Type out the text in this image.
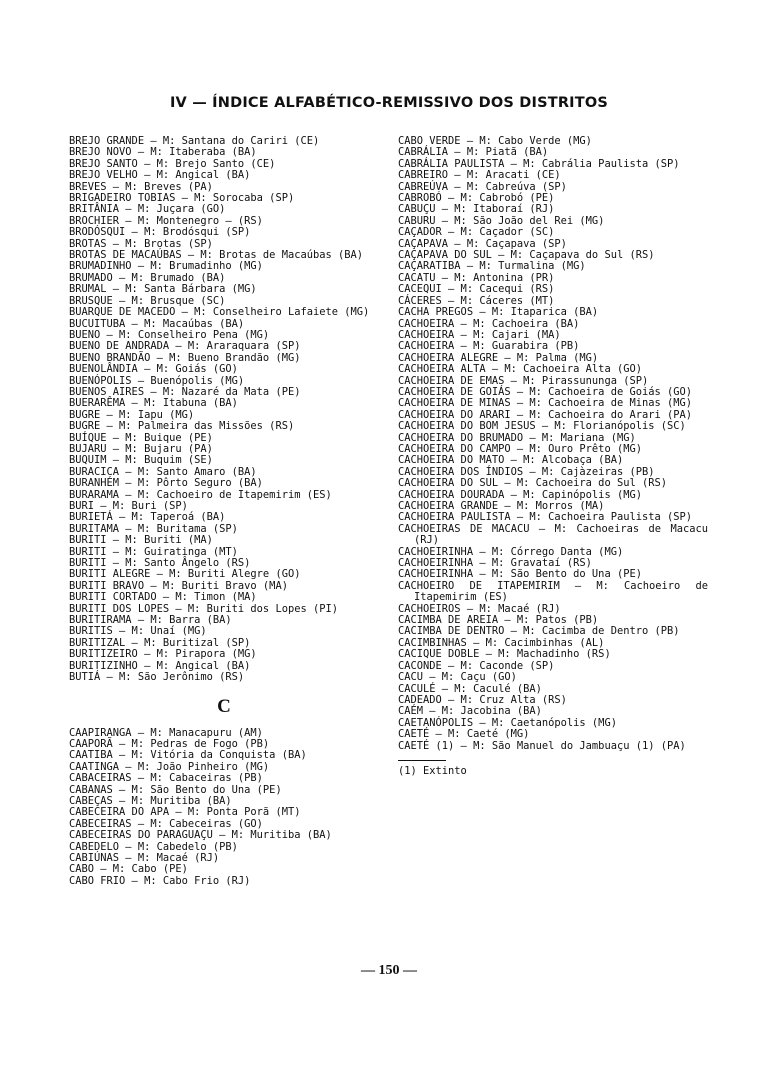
IV — ÍNDICE ALFABÉTICO-REMISSIVO DOS DISTRITOS
BREJO GRANDE — M: Santana do Cariri (CE)
BREJO NOVO — M: Itaberaba (BA)
BREJO SANTO — M: Brejo Santo (CE)
BREJO VELHO — M: Angical (BA)
BREVES — M: Breves (PA)
BRIGADEIRO TOBIAS — M: Sorocaba (SP)
BRITÂNIA — M: Juçara (GO)
BROCHIER — M: Montenegro — (RS)
BRODÓSQUI — M: Brodósqui (SP)
BROTAS — M: Brotas (SP)
BROTAS DE MACAÚBAS — M: Brotas de Macaúbas (BA)
BRUMADINHO — M: Brumadinho (MG)
BRUMADO — M: Brumado (BA)
BRUMAL — M: Santa Bárbara (MG)
BRUSQUE — M: Brusque (SC)
BUARQUE DE MACEDO — M: Conselheiro Lafaiete (MG)
BUCUITUBA — M: Macaúbas (BA)
BUENO — M: Conselheiro Pena (MG)
BUENO DE ANDRADA — M: Araraquara (SP)
BUENO BRANDÃO — M: Bueno Brandão (MG)
BUENOLÂNDIA — M: Goiás (GO)
BUENÓPOLIS — Buenópolis (MG)
BUENOS AIRES — M: Nazaré da Mata (PE)
BUERARÊMA — M: Itabuna (BA)
BUGRE — M: Iapu (MG)
BUGRE — M: Palmeira das Missões (RS)
BUÍQUE — M: Buique (PE)
BUJARU — M: Bujaru (PA)
BUQUIM — M: Buquim (SE)
BURACICA — M: Santo Amaro (BA)
BURANHÉM — M: Pôrto Seguro (BA)
BURARAMA — M: Cachoeiro de Itapemirim (ES)
BURI — M: Buri (SP)
BURIETÁ — M: Taperoá (BA)
BURITAMA — M: Buritama (SP)
BURITI — M: Buriti (MA)
BURITI — M: Guiratinga (MT)
BURITI — M: Santo Ângelo (RS)
BURITI ALEGRE — M: Buriti Alegre (GO)
BURITI BRAVO — M: Buriti Bravo (MA)
BURITI CORTADO — M: Timon (MA)
BURITI DOS LOPES — M: Buriti dos Lopes (PI)
BURITIRAMA — M: Barra (BA)
BURITIS — M: Unaí (MG)
BURITIZAL — M: Buritizal (SP)
BURITIZEIRO — M: Pirapora (MG)
BURITIZINHO — M: Angical (BA)
BUTIÁ — M: São Jerônimo (RS)
C
CAAPIRANGA — M: Manacapuru (AM)
CAAPORÃ — M: Pedras de Fogo (PB)
CAATIBA — M: Vitória da Conquista (BA)
CAATINGA — M: João Pinheiro (MG)
CABACEIRAS — M: Cabaceiras (PB)
CABANAS — M: São Bento do Una (PE)
CABEÇAS — M: Muritiba (BA)
CABECEIRA DO APA — M: Ponta Porã (MT)
CABECEIRAS — M: Cabeceiras (GO)
CABECEIRAS DO PARAGUAÇU — M: Muritiba (BA)
CABEDELO — M: Cabedelo (PB)
CABIÚNAS — M: Macaé (RJ)
CABO — M: Cabo (PE)
CABO FRIO — M: Cabo Frio (RJ)
CABO VERDE — M: Cabo Verde (MG)
CABRÁLIA — M: Piatã (BA)
CABRÁLIA PAULISTA — M: Cabrália Paulista (SP)
CABREIRO — M: Aracati (CE)
CABREÚVA — M: Cabreúva (SP)
CABROBÓ — M: Cabrobó (PE)
CABUÇU — M: Itaboraí (RJ)
CABURU — M: São João del Rei (MG)
CAÇADOR — M: Caçador (SC)
CAÇAPAVA — M: Caçapava (SP)
CAÇAPAVA DO SUL — M: Caçapava do Sul (RS)
CAÇARATIBA — M: Turmalina (MG)
CACATU — M: Antonina (PR)
CACEQUI — M: Cacequi (RS)
CÁCERES — M: Cáceres (MT)
CACHA PREGOS — M: Itaparica (BA)
CACHOEIRA — M: Cachoeira (BA)
CACHOEIRA — M: Cajari (MA)
CACHOEIRA — M: Guarabira (PB)
CACHOEIRA ALEGRE — M: Palma (MG)
CACHOEIRA ALTA — M: Cachoeira Alta (GO)
CACHOEIRA DE EMAS — M: Pirassununga (SP)
CACHOEIRA DE GOIÁS — M: Cachoeira de Goiás (GO)
CACHOEIRA DE MINAS — M: Cachoeira de Minas (MG)
CACHOEIRA DO ARARI — M: Cachoeira do Arari (PA)
CACHOEIRA DO BOM JESUS — M: Florianópolis (SC)
CACHOEIRA DO BRUMADO — M: Mariana (MG)
CACHOEIRA DO CAMPO — M: Ouro Prêto (MG)
CACHOEIRA DO MATO — M: Alcobaça (BA)
CACHOEIRA DOS ÍNDIOS — M: Cajàzeiras (PB)
CACHOEIRA DO SUL — M: Cachoeira do Sul (RS)
CACHOEIRA DOURADA — M: Capinópolis (MG)
CACHOEIRA GRANDE — M: Morros (MA)
CACHOEIRA PAULISTA — M: Cachoeira Paulista (SP)
CACHOEIRAS DE MACACU — M: Cachoeiras de Macacu (RJ)
CACHOEIRINHA — M: Córrego Danta (MG)
CACHOEIRINHA — M: Gravataí (RS)
CACHOEIRINHA — M: São Bento do Una (PE)
CACHOEIRO DE ITAPEMIRIM — M: Cachoeiro de Itapemirim (ES)
CACHOEIROS — M: Macaé (RJ)
CACIMBA DE AREIA — M: Patos (PB)
CACIMBA DE DENTRO — M: Cacimba de Dentro (PB)
CACIMBINHAS — M: Cacimbinhas (AL)
CACIQUE DOBLE — M: Machadinho (RS)
CACONDE — M: Caconde (SP)
CACU — M: Caçu (GO)
CACULÉ — M: Caculé (BA)
CADEADO — M: Cruz Alta (RS)
CAÉM — M: Jacobina (BA)
CAETANÓPOLIS — M: Caetanópolis (MG)
CAETÉ — M: Caeté (MG)
CAETÉ (1) — M: São Manuel do Jambuaçu (1) (PA)
(1) Extinto
— 150 —
